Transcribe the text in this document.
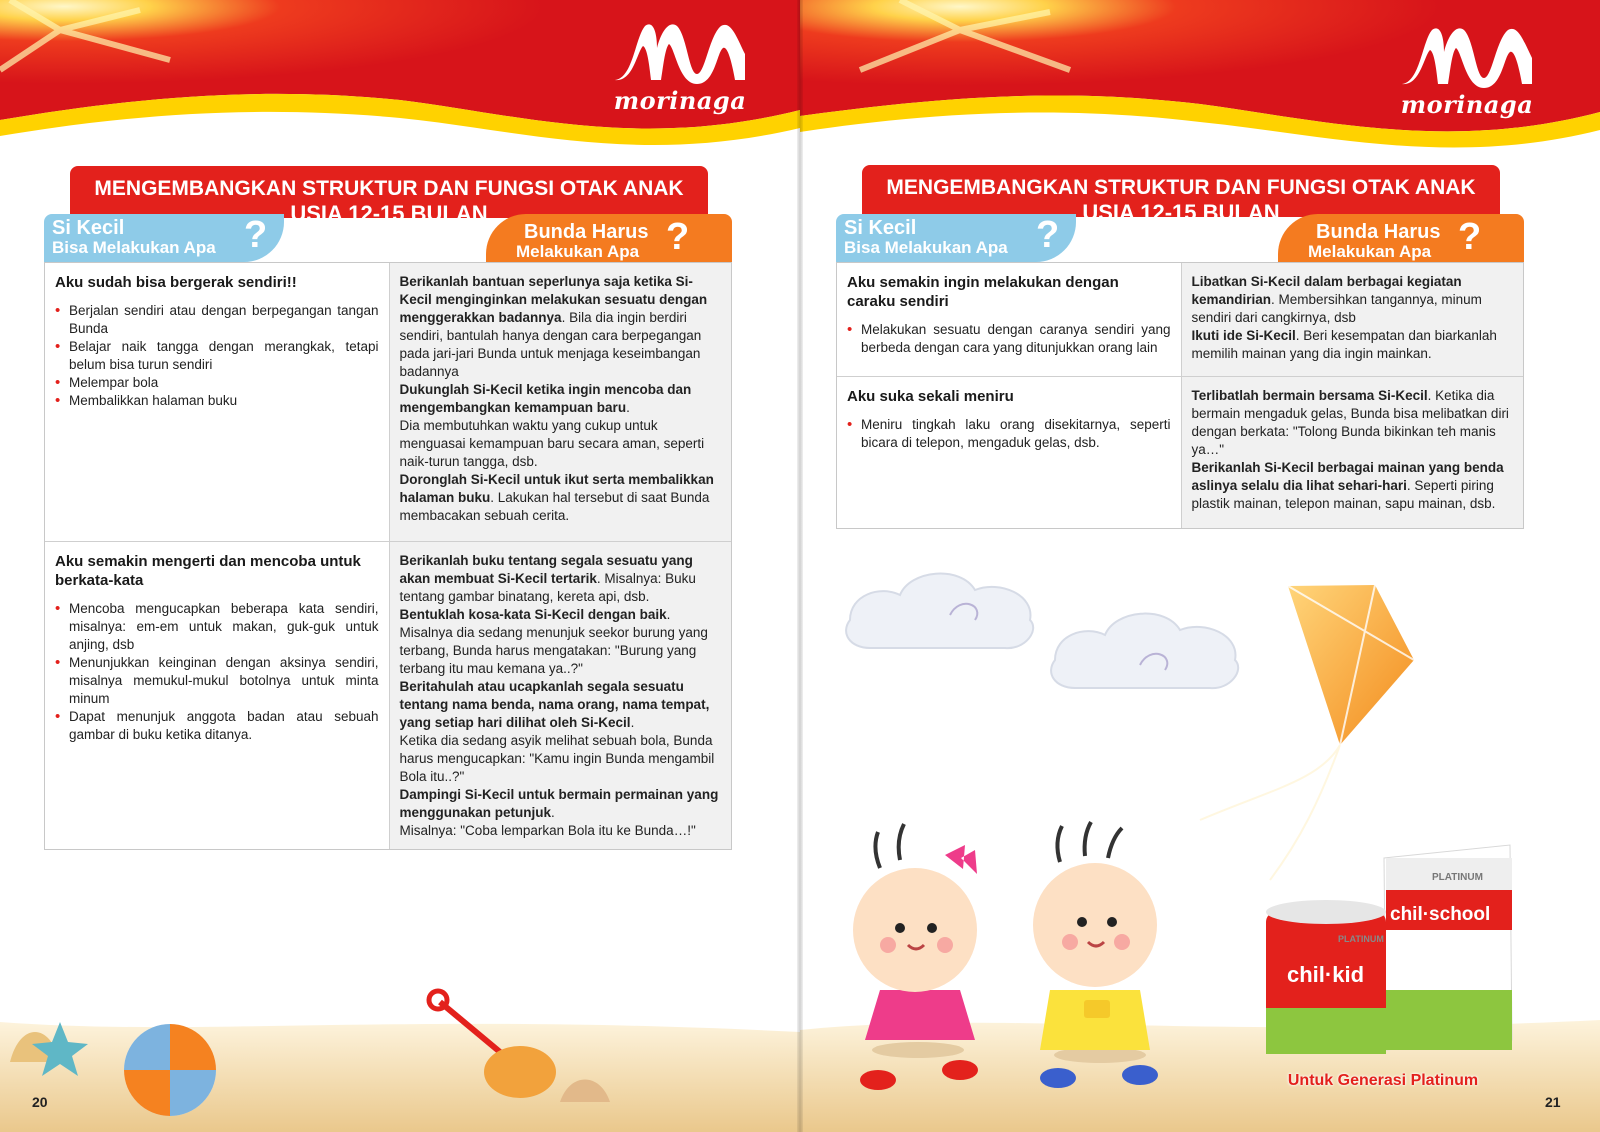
morinaga
MENGEMBANGKAN STRUKTUR DAN FUNGSI OTAK ANAK
USIA 12-15 BULAN
Si Kecil
Bisa Melakukan Apa ?	Bunda Harus
Melakukan Apa ?
Aku sudah bisa bergerak sendiri!!
• Berjalan sendiri atau dengan berpegangan tangan Bunda
• Belajar naik tangga dengan merangkak, tetapi belum bisa turun sendiri
• Melempar bola
• Membalikkan halaman buku
Berikanlah bantuan seperlunya saja ketika Si-Kecil menginginkan melakukan sesuatu dengan menggerakkan badannya. Bila dia ingin berdiri sendiri, bantulah hanya dengan cara berpegangan pada jari-jari Bunda untuk menjaga keseimbangan badannya
Dukunglah Si-Kecil ketika ingin mencoba dan mengembangkan kemampuan baru.
Dia membutuhkan waktu yang cukup untuk menguasai kemampuan baru secara aman, seperti naik-turun tangga, dsb.
Doronglah Si-Kecil untuk ikut serta membalikkan halaman buku. Lakukan hal tersebut di saat Bunda membacakan sebuah cerita.
Aku semakin mengerti dan mencoba untuk berkata-kata
• Mencoba mengucapkan beberapa kata sendiri, misalnya: em-em untuk makan, guk-guk untuk anjing, dsb
• Menunjukkan keinginan dengan aksinya sendiri, misalnya memukul-mukul botolnya untuk minta minum
• Dapat menunjuk anggota badan atau sebuah gambar di buku ketika ditanya.
Berikanlah buku tentang segala sesuatu yang akan membuat Si-Kecil tertarik. Misalnya: Buku tentang gambar binatang, kereta api, dsb.
Bentuklah kosa-kata Si-Kecil dengan baik.
Misalnya dia sedang menunjuk seekor burung yang terbang, Bunda harus mengatakan: "Burung yang terbang itu mau kemana ya..?"
Beritahulah atau ucapkanlah segala sesuatu tentang nama benda, nama orang, nama tempat, yang setiap hari dilihat oleh Si-Kecil.
Ketika dia sedang asyik melihat sebuah bola, Bunda harus mengucapkan: "Kamu ingin Bunda mengambil Bola itu..?"
Dampingi Si-Kecil untuk bermain permainan yang menggunakan petunjuk.
Misalnya: "Coba lemparkan Bola itu ke Bunda…!"
20
morinaga
MENGEMBANGKAN STRUKTUR DAN FUNGSI OTAK ANAK
USIA 12-15 BULAN
Si Kecil
Bisa Melakukan Apa ?	Bunda Harus
Melakukan Apa ?
Aku semakin ingin melakukan dengan caraku sendiri
• Melakukan sesuatu dengan caranya sendiri yang berbeda dengan cara yang ditunjukkan orang lain
Libatkan Si-Kecil dalam berbagai kegiatan kemandirian. Membersihkan tangannya, minum sendiri dari cangkirnya, dsb
Ikuti ide Si-Kecil. Beri kesempatan dan biarkanlah memilih mainan yang dia ingin mainkan.
Aku suka sekali meniru
• Meniru tingkah laku orang disekitarnya, seperti bicara di telepon, mengaduk gelas, dsb.
Terlibatlah bermain bersama Si-Kecil. Ketika dia bermain mengaduk gelas, Bunda bisa melibatkan diri dengan berkata: "Tolong Bunda bikinkan teh manis ya…"
Berikanlah Si-Kecil berbagai mainan yang benda aslinya selalu dia lihat sehari-hari. Seperti piring plastik mainan, telepon mainan, sapu mainan, dsb.
chil·kid
chil·school
PLATINUM
PLATINUM
Untuk Generasi Platinum
21
